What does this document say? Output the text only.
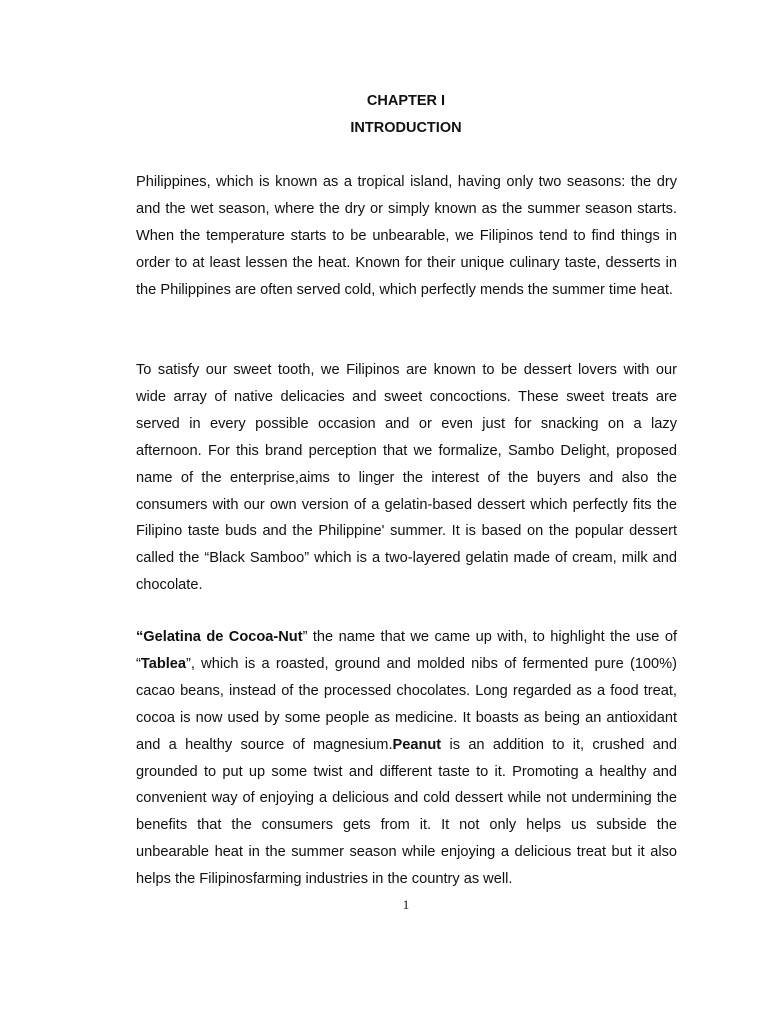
CHAPTER I
INTRODUCTION

Philippines, which is known as a tropical island, having only two seasons: the dry and the wet season, where the dry or simply known as the summer season starts. When the temperature starts to be unbearable, we Filipinos tend to find things in order to at least lessen the heat. Known for their unique culinary taste, desserts in the Philippines are often served cold, which perfectly mends the summer time heat.

To satisfy our sweet tooth, we Filipinos are known to be dessert lovers with our wide array of native delicacies and sweet concoctions. These sweet treats are served in every possible occasion and or even just for snacking on a lazy afternoon. For this brand perception that we formalize, Sambo Delight, proposed name of the enterprise,aims to linger the interest of the buyers and also the consumers with our own version of a gelatin-based dessert which perfectly fits the Filipino taste buds and the Philippine' summer. It is based on the popular dessert called the “Black Samboo” which is a two-layered gelatin made of cream, milk and chocolate.

“Gelatina de Cocoa-Nut” the name that we came up with, to highlight the use of “Tablea”, which is a roasted, ground and molded nibs of fermented pure (100%) cacao beans, instead of the processed chocolates. Long regarded as a food treat, cocoa is now used by some people as medicine. It boasts as being an antioxidant and a healthy source of magnesium.Peanut is an addition to it, crushed and grounded to put up some twist and different taste to it. Promoting a healthy and convenient way of enjoying a delicious and cold dessert while not undermining the benefits that the consumers gets from it. It not only helps us subside the unbearable heat in the summer season while enjoying a delicious treat but it also helps the Filipinosfarming industries in the country as well.

1
